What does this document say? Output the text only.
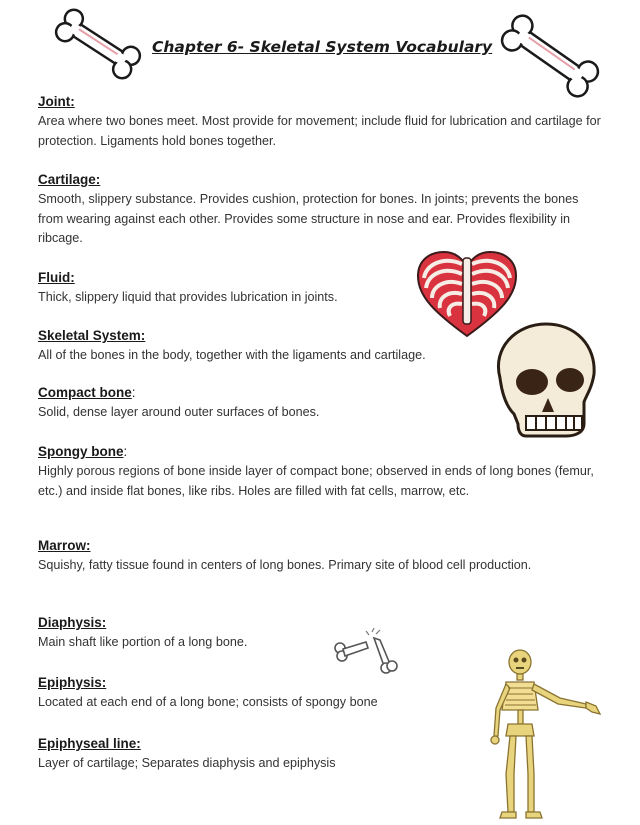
Chapter 6- Skeletal System Vocabulary
Joint:
Area where two bones meet. Most provide for movement; include fluid for lubrication and cartilage for protection. Ligaments hold bones together.
Cartilage:
Smooth, slippery substance. Provides cushion, protection for bones. In joints; prevents the bones from wearing against each other. Provides some structure in nose and ear. Provides flexibility in ribcage.
Fluid:
Thick, slippery liquid that provides lubrication in joints.
Skeletal System:
All of the bones in the body, together with the ligaments and cartilage.
Compact bone:
Solid, dense layer around outer surfaces of bones.
Spongy bone:
Highly porous regions of bone inside layer of compact bone; observed in ends of long bones (femur, etc.) and inside flat bones, like ribs. Holes are filled with fat cells, marrow, etc.
Marrow:
Squishy, fatty tissue found in centers of long bones. Primary site of blood cell production.
Diaphysis:
Main shaft like portion of a long bone.
Epiphysis:
Located at each end of a long bone; consists of spongy bone
Epiphyseal line:
Layer of cartilage; Separates diaphysis and epiphysis
